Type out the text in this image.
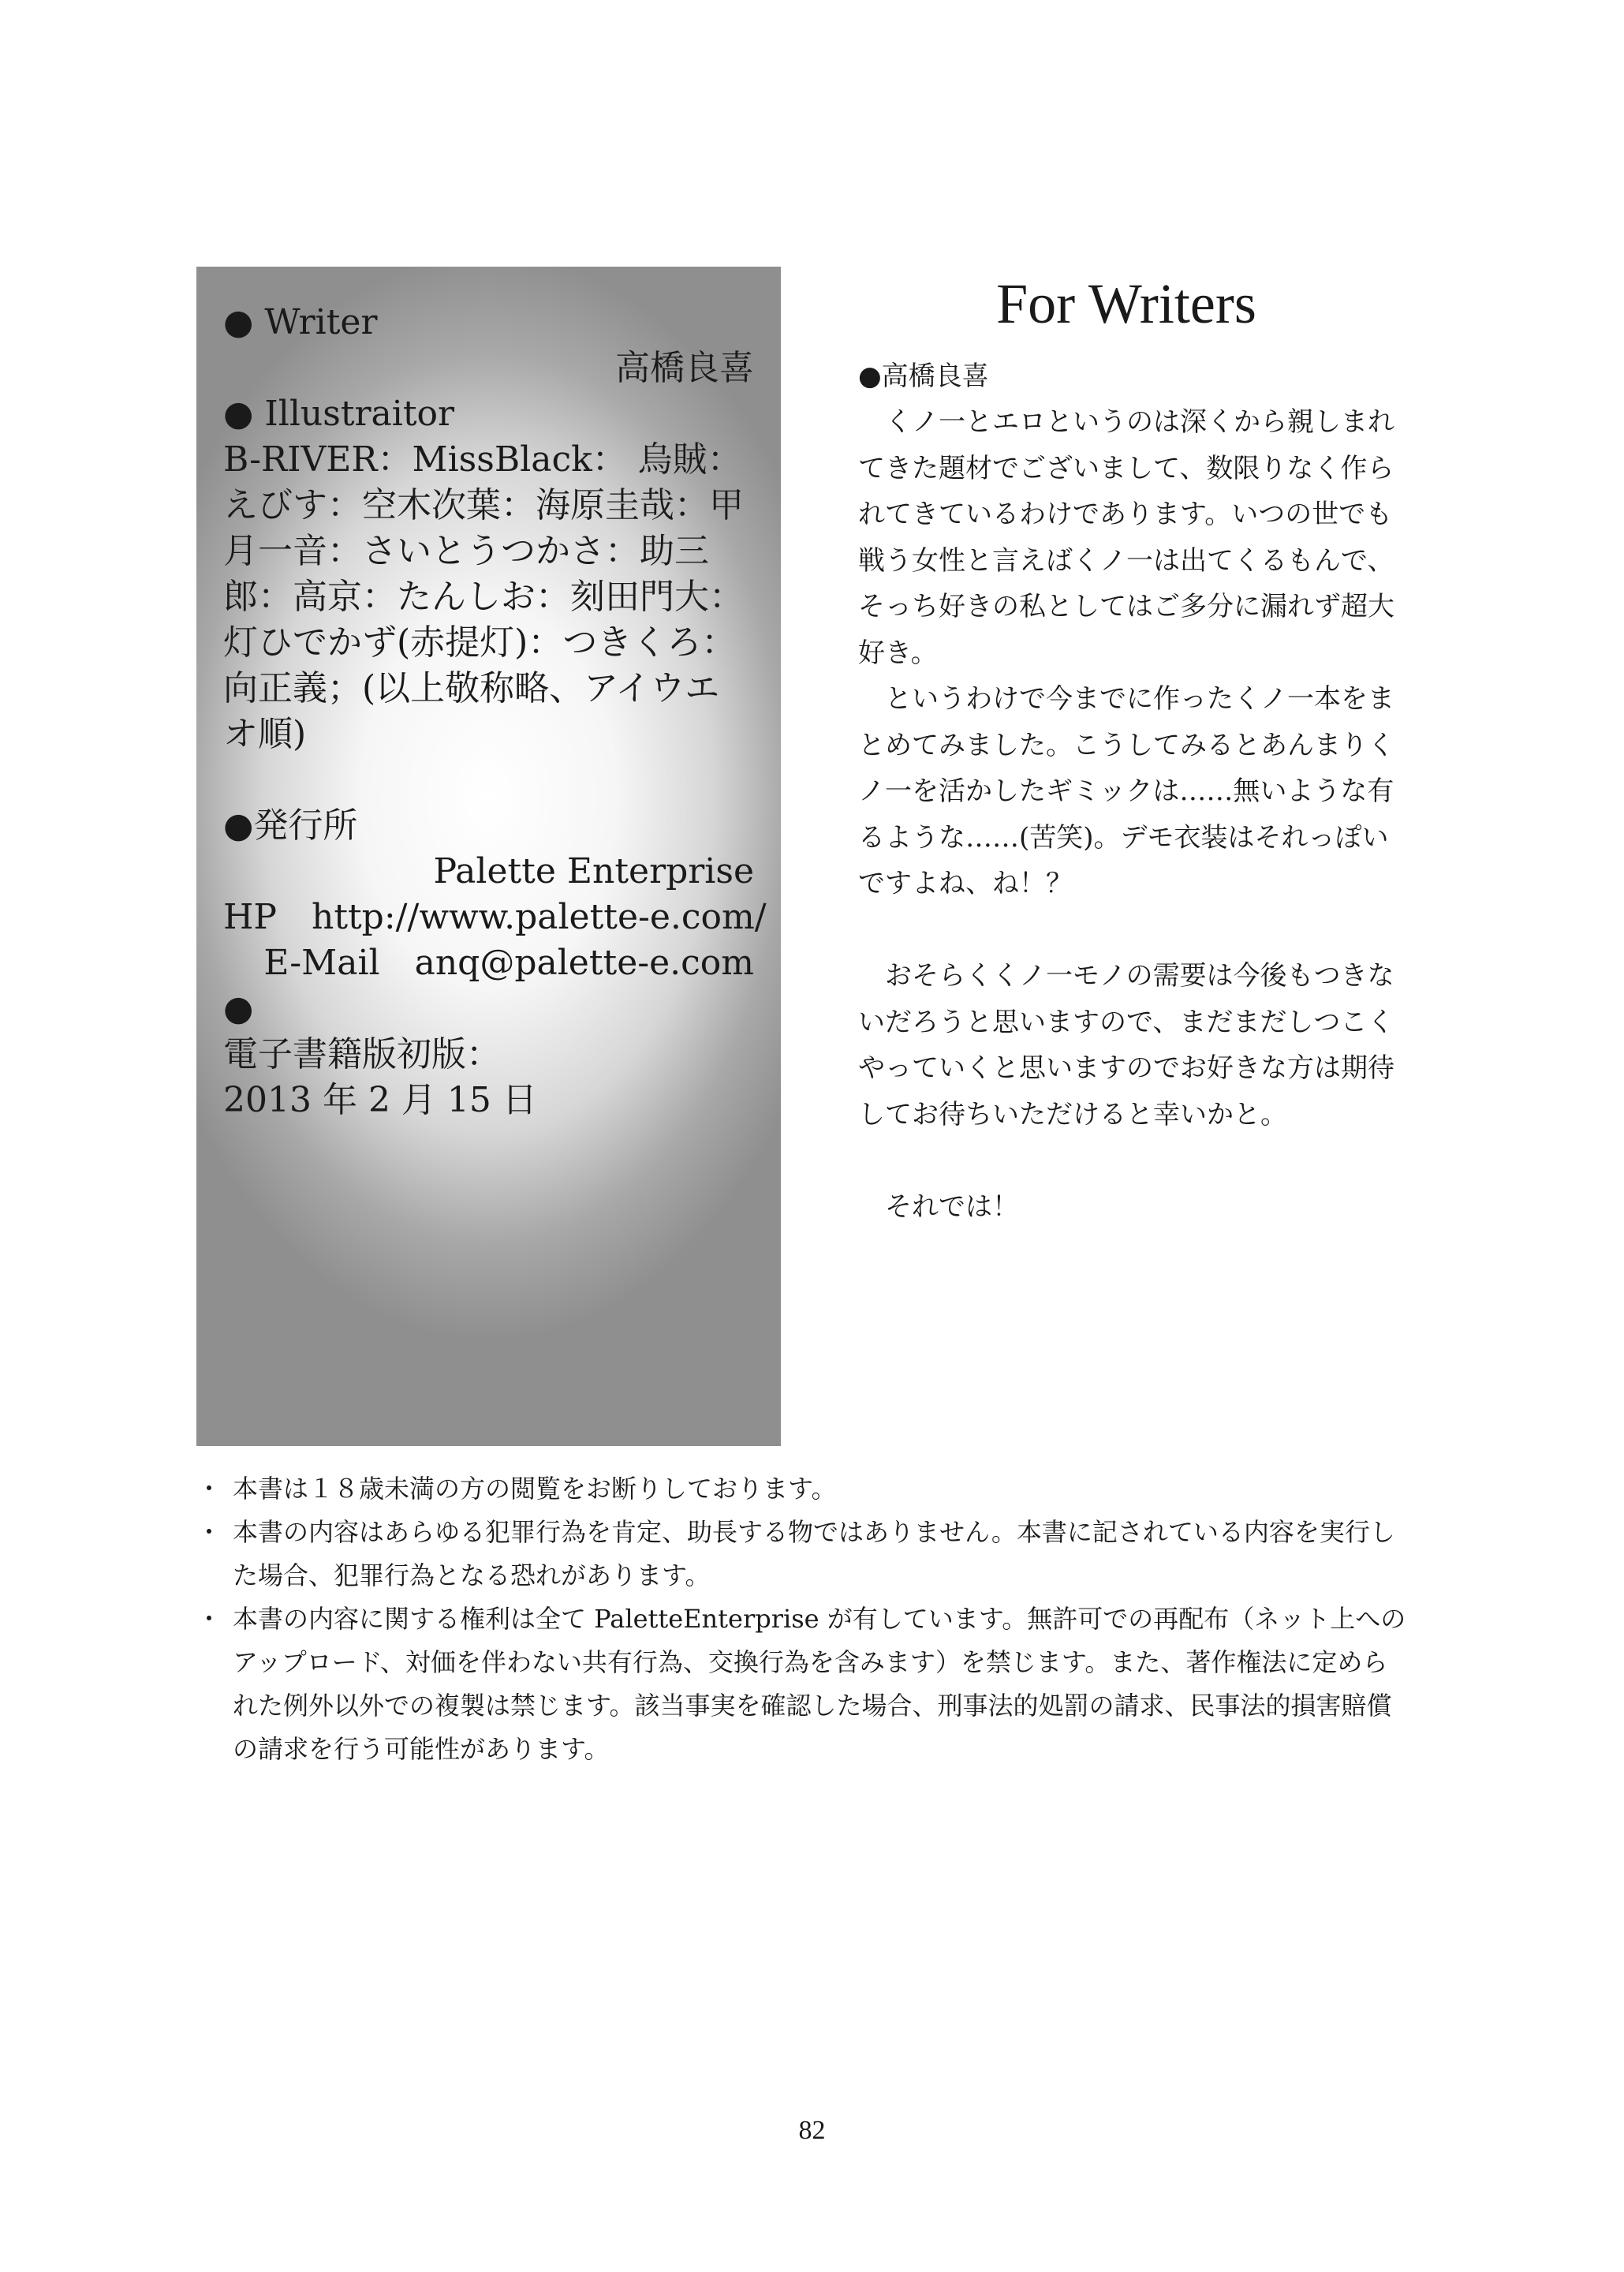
● Writer
高橋良喜
● Illustraitor
B-RIVER：MissBlack： 烏賊： えびす：空木次葉：海原圭哉：甲月一音：さいとうつかさ：助三郎：高京：たんしお：刻田門大：灯ひでかず(赤提灯)：つきくろ：向正義；(以上敬称略、アイウエオ順)
●発行所
Palette Enterprise
HP　http://www.palette-e.com/
E-Mail　anq@palette-e.com
●
電子書籍版初版：
2013 年 2 月 15 日
For Writers
●高橋良喜

くノ一とエロというのは深くから親しまれてきた題材でございまして、数限りなく作られてきているわけであります。いつの世でも戦う女性と言えばくノ一は出てくるもんで、そっち好きの私としてはご多分に漏れず超大好き。

というわけで今までに作ったくノ一本をまとめてみました。こうしてみるとあんまりくノ一を活かしたギミックは……無いような有るような……(苦笑)。デモ衣装はそれっぽいですよね、ね！？

おそらくくノ一モノの需要は今後もつきないだろうと思いますので、まだまだしつこくやっていくと思いますのでお好きな方は期待してお待ちいただけると幸いかと。

それでは！

・ 本書は１８歳未満の方の閲覧をお断りしております。
・ 本書の内容はあらゆる犯罪行為を肯定、助長する物ではありません。本書に記されている内容を実行した場合、犯罪行為となる恐れがあります。
・ 本書の内容に関する権利は全て PaletteEnterprise が有しています。無許可での再配布（ネット上へのアップロード、対価を伴わない共有行為、交換行為を含みます）を禁じます。また、著作権法に定められた例外以外での複製は禁じます。該当事実を確認した場合、刑事法的処罰の請求、民事法的損害賠償の請求を行う可能性があります。
82
